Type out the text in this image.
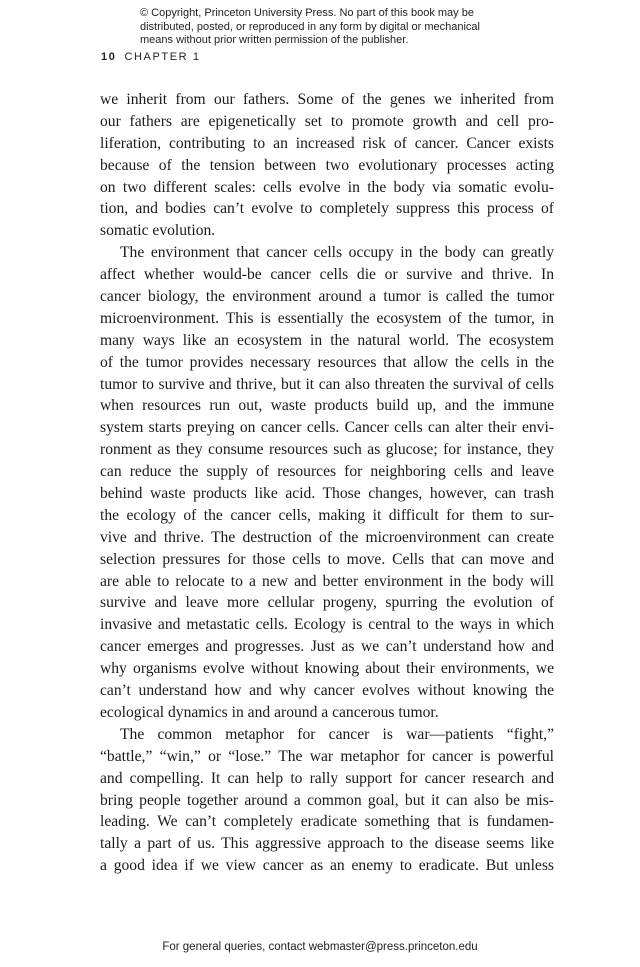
© Copyright, Princeton University Press. No part of this book may be
distributed, posted, or reproduced in any form by digital or mechanical
means without prior written permission of the publisher.
10 CHAPTER 1
we inherit from our fathers. Some of the genes we inherited from
our fathers are epigenetically set to promote growth and cell pro-
liferation, contributing to an increased risk of cancer. Cancer exists
because of the tension between two evolutionary processes acting
on two different scales: cells evolve in the body via somatic evolu-
tion, and bodies can’t evolve to completely suppress this process of
somatic evolution.
The environment that cancer cells occupy in the body can greatly
affect whether would-be cancer cells die or survive and thrive. In
cancer biology, the environment around a tumor is called the tumor
microenvironment. This is essentially the ecosystem of the tumor, in
many ways like an ecosystem in the natural world. The ecosystem
of the tumor provides necessary resources that allow the cells in the
tumor to survive and thrive, but it can also threaten the survival of cells
when resources run out, waste products build up, and the immune
system starts preying on cancer cells. Cancer cells can alter their envi-
ronment as they consume resources such as glucose; for instance, they
can reduce the supply of resources for neighboring cells and leave
behind waste products like acid. Those changes, however, can trash
the ecology of the cancer cells, making it difficult for them to sur-
vive and thrive. The destruction of the microenvironment can create
selection pressures for those cells to move. Cells that can move and
are able to relocate to a new and better environment in the body will
survive and leave more cellular progeny, spurring the evolution of
invasive and metastatic cells. Ecology is central to the ways in which
cancer emerges and progresses. Just as we can’t understand how and
why organisms evolve without knowing about their environments, we
can’t understand how and why cancer evolves without knowing the
ecological dynamics in and around a cancerous tumor.
The common metaphor for cancer is war—patients “fight,”
“battle,” “win,” or “lose.” The war metaphor for cancer is powerful
and compelling. It can help to rally support for cancer research and
bring people together around a common goal, but it can also be mis-
leading. We can’t completely eradicate something that is fundamen-
tally a part of us. This aggressive approach to the disease seems like
a good idea if we view cancer as an enemy to eradicate. But unless
For general queries, contact webmaster@press.princeton.edu
